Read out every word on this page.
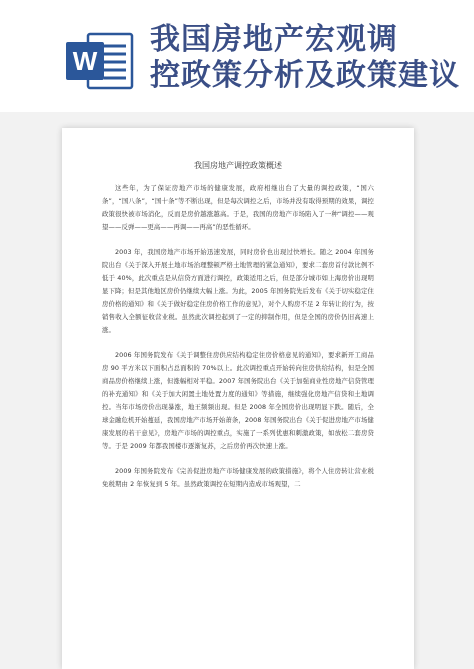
W
我国房地产宏观调
控政策分析及政策建议
我国房地产调控政策概述

这些年，为了保证房地产市场的健康发展，政府相继出台了大量的调控政策，“国六条”，“国八条”，“国十条”等不断出现，但是每次调控之后，市场并没有取得预期的效果，调控政策很快被市场消化，反而是房价越涨越高。于是，我国的房地产市场陷入了一种“调控——观望——反弹——更高——再调——再高”的恶性循环。

2003 年，我国房地产市场开始迅速发展，同时房价也出现过快增长。随之 2004 年国务院出台《关于深入开展土地市场治理整顿严格土地管理的紧急通知》，要求二套房首付款比例不低于 40%，此次重点是从信贷方面进行调控，政策适用之后，但是部分城市如上海房价出现明显下降；但是其他地区房价仍继续大幅上涨。为此，2005 年国务院先后发布《关于切实稳定住房价格的通知》和《关于做好稳定住房价格工作的意见》，对个人购房不足 2 年转让的行为，按销售收入全额征收营业税。虽然此次调控起到了一定的抑制作用，但是全国的房价仍旧高速上涨。

2006 年国务院发布《关于调整住房供应结构稳定住房价格意见的通知》，要求新开工商品房 90 平方米以下面积占总面积的 70%以上。此次调控重点开始转向住房供给结构，但是全国商品房价格继续上涨，但涨幅相对平稳。2007 年国务院出台《关于加强商业性房地产信贷管理的补充通知》和《关于加大闲置土地处置力度的通知》等措施，继续强化房地产信贷和土地调控。当年市场房价出现暴涨，地王频频出现。但是 2008 年全国房价出现明显下跌。随后，全球金融危机开始蔓延，我国房地产市场开始萧条，2008 年国务院出台《关于促进房地产市场健康发展的若干意见》，房地产市场的调控重点，实施了一系列优惠和刺激政策，如放松二套房贷等。于是 2009 年都我国楼市逐渐复苏，之后房价再次快速上涨。

2009 年国务院发布《完善促进房地产市场健康发展的政策措施》，将个人住房转让营业税免税期由 2 年恢复到 5 年。虽然政策调控在短期内造成市场观望，二
